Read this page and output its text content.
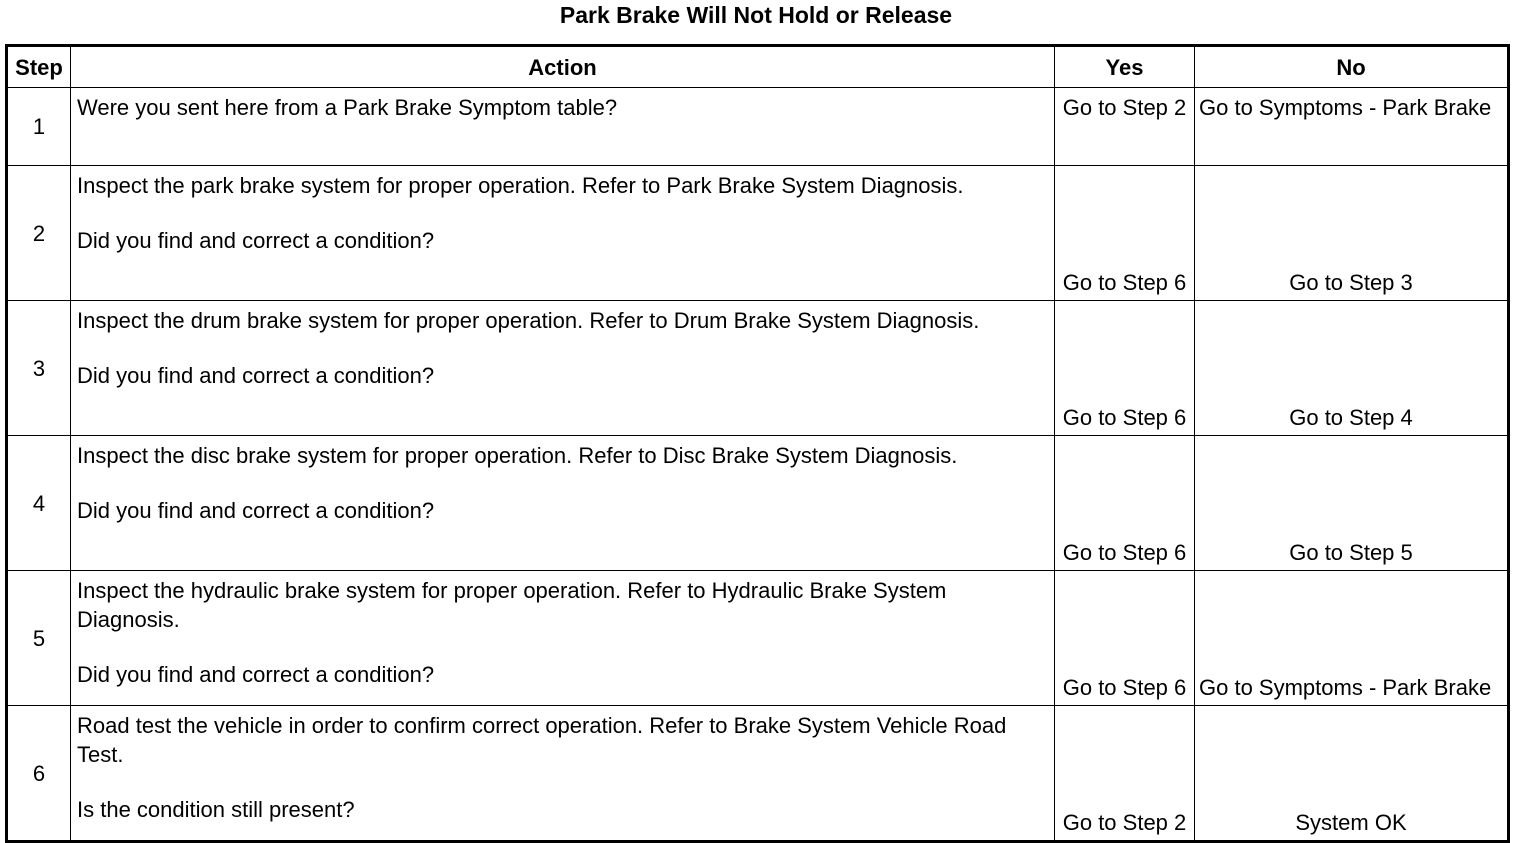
Park Brake Will Not Hold or Release
Step	Action	Yes	No
1	Were you sent here from a Park Brake Symptom table?	Go to Step 2	Go to Symptoms - Park Brake
2	Inspect the park brake system for proper operation. Refer to Park Brake System Diagnosis.
Did you find and correct a condition?	Go to Step 6	Go to Step 3
3	Inspect the drum brake system for proper operation. Refer to Drum Brake System Diagnosis.
Did you find and correct a condition?	Go to Step 6	Go to Step 4
4	Inspect the disc brake system for proper operation. Refer to Disc Brake System Diagnosis.
Did you find and correct a condition?	Go to Step 6	Go to Step 5
5	Inspect the hydraulic brake system for proper operation. Refer to Hydraulic Brake System Diagnosis.
Did you find and correct a condition?	Go to Step 6	Go to Symptoms - Park Brake
6	Road test the vehicle in order to confirm correct operation. Refer to Brake System Vehicle Road Test.
Is the condition still present?	Go to Step 2	System OK
